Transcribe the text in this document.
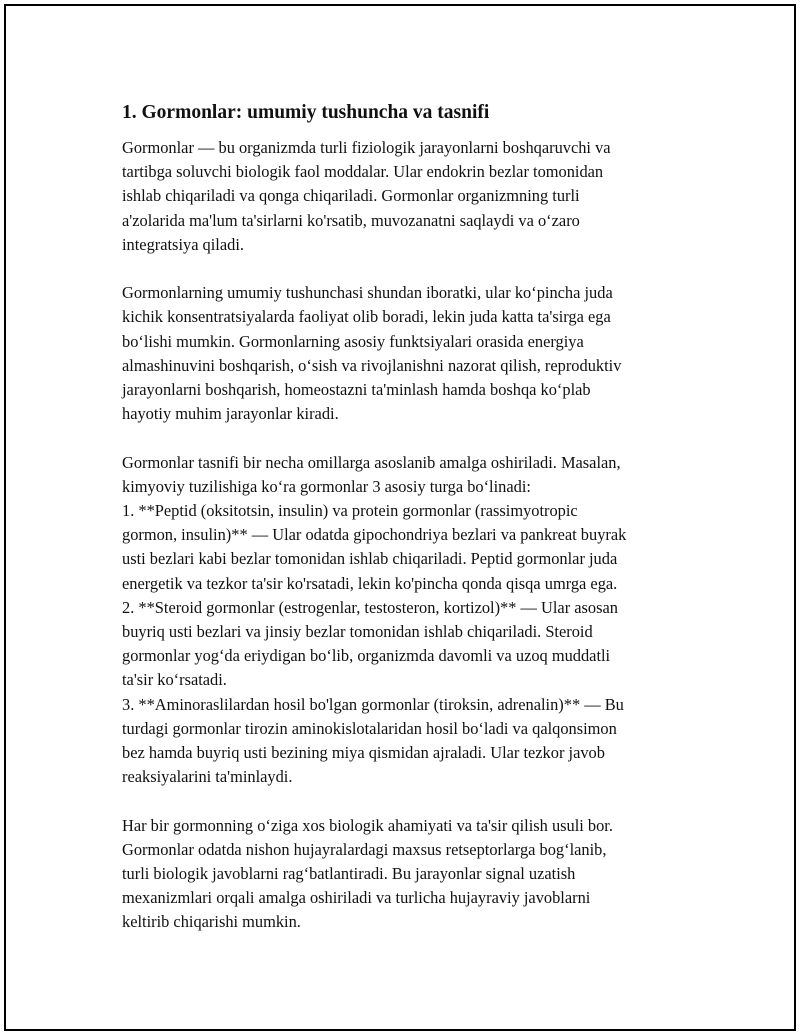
1. Gormonlar: umumiy tushuncha va tasnifi

Gormonlar — bu organizmda turli fiziologik jarayonlarni boshqaruvchi va
tartibga soluvchi biologik faol moddalar. Ular endokrin bezlar tomonidan
ishlab chiqariladi va qonga chiqariladi. Gormonlar organizmning turli
a'zolarida ma'lum ta'sirlarni ko'rsatib, muvozanatni saqlaydi va o‘zaro
integratsiya qiladi.

Gormonlarning umumiy tushunchasi shundan iboratki, ular ko‘pincha juda
kichik konsentratsiyalarda faoliyat olib boradi, lekin juda katta ta'sirga ega
bo‘lishi mumkin. Gormonlarning asosiy funktsiyalari orasida energiya
almashinuvini boshqarish, o‘sish va rivojlanishni nazorat qilish, reproduktiv
jarayonlarni boshqarish, homeostazni ta'minlash hamda boshqa ko‘plab
hayotiy muhim jarayonlar kiradi.

Gormonlar tasnifi bir necha omillarga asoslanib amalga oshiriladi. Masalan,
kimyoviy tuzilishiga ko‘ra gormonlar 3 asosiy turga bo‘linadi:
1. **Peptid (oksitotsin, insulin) va protein gormonlar (rassimyotropic
gormon, insulin)** — Ular odatda gipochondriya bezlari va pankreat buyrak
usti bezlari kabi bezlar tomonidan ishlab chiqariladi. Peptid gormonlar juda
energetik va tezkor ta'sir ko'rsatadi, lekin ko'pincha qonda qisqa umrga ega.
2. **Steroid gormonlar (estrogenlar, testosteron, kortizol)** — Ular asosan
buyriq usti bezlari va jinsiy bezlar tomonidan ishlab chiqariladi. Steroid
gormonlar yog‘da eriydigan bo‘lib, organizmda davomli va uzoq muddatli
ta'sir ko‘rsatadi.
3. **Aminoraslilardan hosil bo'lgan gormonlar (tiroksin, adrenalin)** — Bu
turdagi gormonlar tirozin aminokislotalaridan hosil bo‘ladi va qalqonsimon
bez hamda buyriq usti bezining miya qismidan ajraladi. Ular tezkor javob
reaksiyalarini ta'minlaydi.

Har bir gormonning o‘ziga xos biologik ahamiyati va ta'sir qilish usuli bor.
Gormonlar odatda nishon hujayralardagi maxsus retseptorlarga bog‘lanib,
turli biologik javoblarni rag‘batlantiradi. Bu jarayonlar signal uzatish
mexanizmlari orqali amalga oshiriladi va turlicha hujayraviy javoblarni
keltirib chiqarishi mumkin.
